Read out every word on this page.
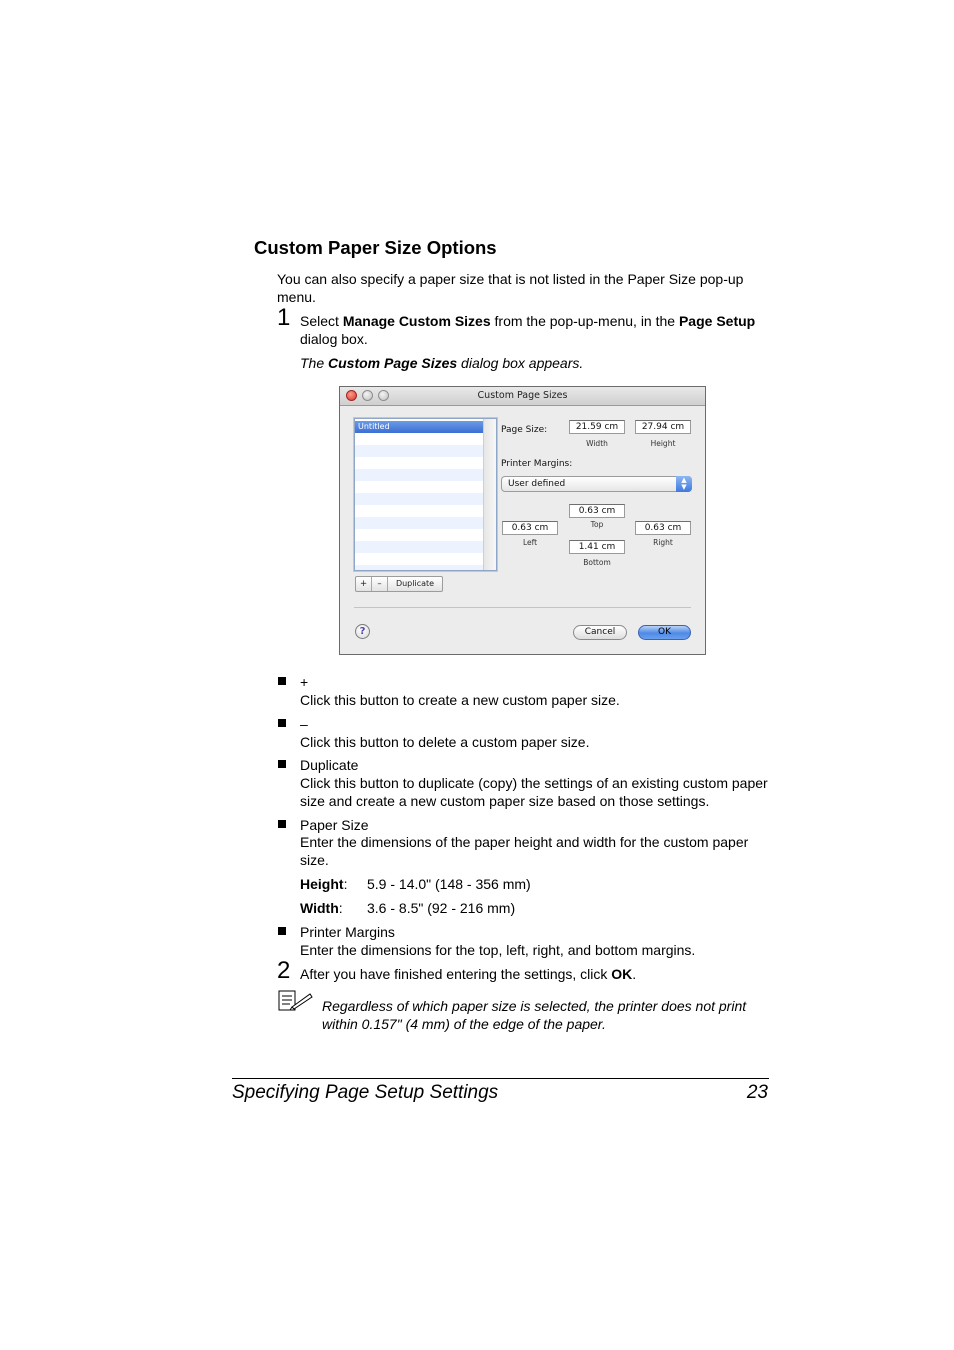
Custom Paper Size Options
You can also specify a paper size that is not listed in the Paper Size pop-up menu.
1 Select Manage Custom Sizes from the pop-up-menu, in the Page Setup dialog box.
The Custom Page Sizes dialog box appears.
Custom Page Sizes
Untitled
+	–	Duplicate
Page Size:	21.59 cm
Width
27.94 cm
Height
Printer Margins:
User defined	▲
▼
0.63 cm
Top
0.63 cm
Left
0.63 cm
Right
1.41 cm
Bottom
?	Cancel	OK
+
Click this button to create a new custom paper size.
–
Click this button to delete a custom paper size.
Duplicate
Click this button to duplicate (copy) the settings of an existing custom paper size and create a new custom paper size based on those settings.
Paper Size
Enter the dimensions of the paper height and width for the custom paper size.
Height: 5.9 - 14.0" (148 - 356 mm)
Width: 3.6 - 8.5" (92 - 216 mm)
Printer Margins
Enter the dimensions for the top, left, right, and bottom margins.
2 After you have finished entering the settings, click OK.
Regardless of which paper size is selected, the printer does not print within 0.157" (4 mm) of the edge of the paper.
Specifying Page Setup Settings	23
